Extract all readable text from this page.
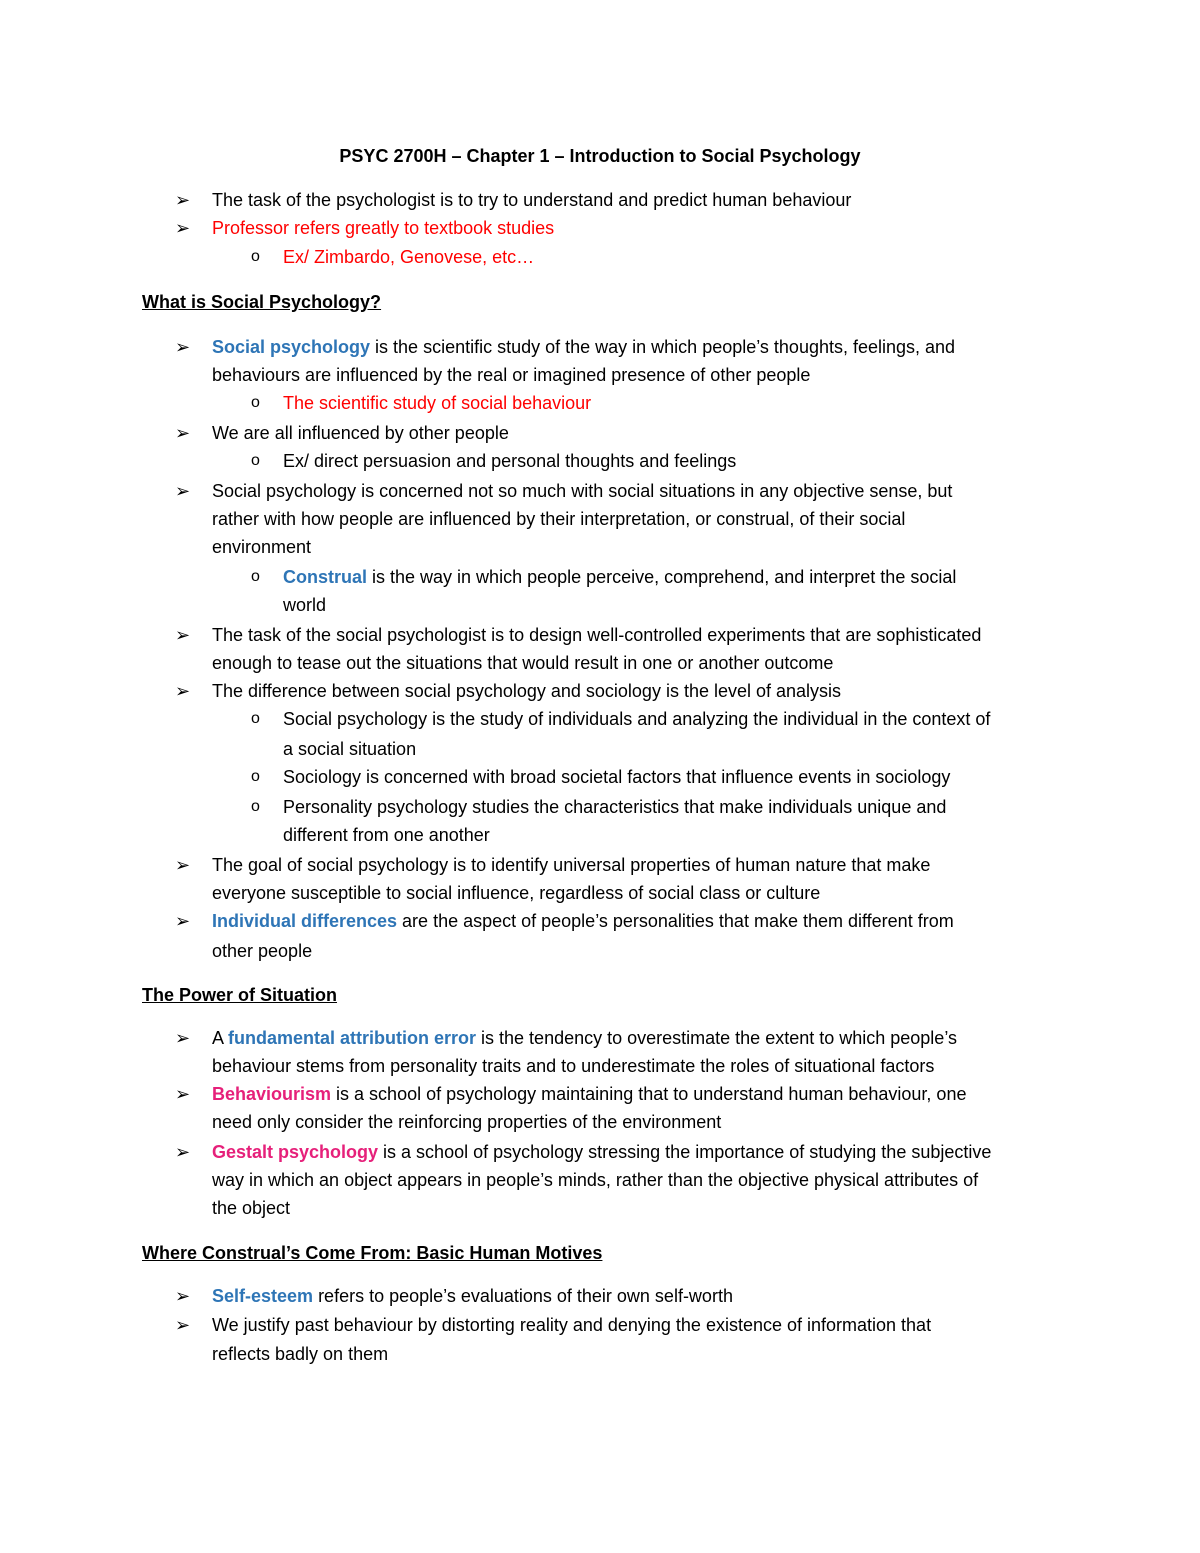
PSYC 2700H – Chapter 1 – Introduction to Social Psychology
➢ The task of the psychologist is to try to understand and predict human behaviour
➢ Professor refers greatly to textbook studies
o Ex/ Zimbardo, Genovese, etc…
What is Social Psychology?
➢ Social psychology is the scientific study of the way in which people’s thoughts, feelings, and
behaviours are influenced by the real or imagined presence of other people
o The scientific study of social behaviour
➢ We are all influenced by other people
o Ex/ direct persuasion and personal thoughts and feelings
➢ Social psychology is concerned not so much with social situations in any objective sense, but
rather with how people are influenced by their interpretation, or construal, of their social
environment
o Construal is the way in which people perceive, comprehend, and interpret the social
world
➢ The task of the social psychologist is to design well-controlled experiments that are sophisticated
enough to tease out the situations that would result in one or another outcome
➢ The difference between social psychology and sociology is the level of analysis
o Social psychology is the study of individuals and analyzing the individual in the context of
a social situation
o Sociology is concerned with broad societal factors that influence events in sociology
o Personality psychology studies the characteristics that make individuals unique and
different from one another
➢ The goal of social psychology is to identify universal properties of human nature that make
everyone susceptible to social influence, regardless of social class or culture
➢ Individual differences are the aspect of people’s personalities that make them different from
other people
The Power of Situation
➢ A fundamental attribution error is the tendency to overestimate the extent to which people’s
behaviour stems from personality traits and to underestimate the roles of situational factors
➢ Behaviourism is a school of psychology maintaining that to understand human behaviour, one
need only consider the reinforcing properties of the environment
➢ Gestalt psychology is a school of psychology stressing the importance of studying the subjective
way in which an object appears in people’s minds, rather than the objective physical attributes of
the object
Where Construal’s Come From: Basic Human Motives
➢ Self-esteem refers to people’s evaluations of their own self-worth
➢ We justify past behaviour by distorting reality and denying the existence of information that
reflects badly on them
